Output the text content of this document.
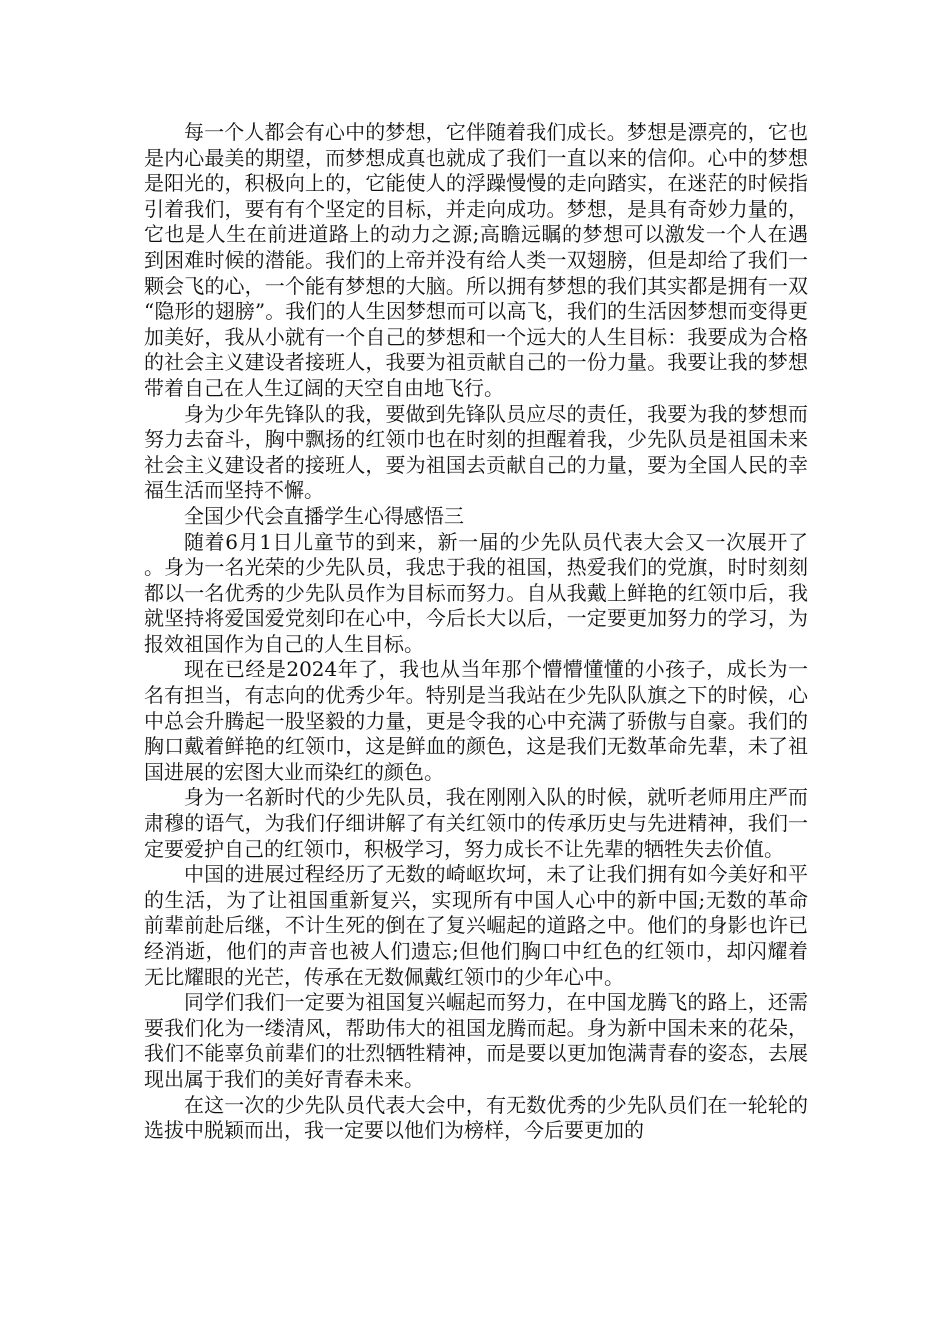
每一个人都会有心中的梦想，它伴随着我们成长。梦想是漂亮的，它也是内心最美的期望，而梦想成真也就成了我们一直以来的信仰。心中的梦想是阳光的，积极向上的，它能使人的浮躁慢慢的走向踏实，在迷茫的时候指引着我们，要有有个坚定的目标，并走向成功。梦想，是具有奇妙力量的，它也是人生在前进道路上的动力之源;高瞻远瞩的梦想可以激发一个人在遇到困难时候的潜能。我们的上帝并没有给人类一双翅膀，但是却给了我们一颗会飞的心，一个能有梦想的大脑。所以拥有梦想的我们其实都是拥有一双“隐形的翅膀”。我们的人生因梦想而可以高飞，我们的生活因梦想而变得更加美好，我从小就有一个自己的梦想和一个远大的人生目标：我要成为合格的社会主义建设者接班人，我要为祖贡献自己的一份力量。我要让我的梦想带着自己在人生辽阔的天空自由地飞行。

身为少年先锋队的我，要做到先锋队员应尽的责任，我要为我的梦想而努力去奋斗，胸中飘扬的红领巾也在时刻的担醒着我，少先队员是祖国未来社会主义建设者的接班人，要为祖国去贡献自己的力量，要为全国人民的幸福生活而坚持不懈。

全国少代会直播学生心得感悟三

随着6月1日儿童节的到来，新一届的少先队员代表大会又一次展开了。身为一名光荣的少先队员，我忠于我的祖国，热爱我们的党旗，时时刻刻都以一名优秀的少先队员作为目标而努力。自从我戴上鲜艳的红领巾后，我就坚持将爱国爱党刻印在心中，今后长大以后，一定要更加努力的学习，为报效祖国作为自己的人生目标。

现在已经是2024年了，我也从当年那个懵懵懂懂的小孩子，成长为一名有担当，有志向的优秀少年。特别是当我站在少先队队旗之下的时候，心中总会升腾起一股坚毅的力量，更是令我的心中充满了骄傲与自豪。我们的胸口戴着鲜艳的红领巾，这是鲜血的颜色，这是我们无数革命先辈，未了祖国进展的宏图大业而染红的颜色。

身为一名新时代的少先队员，我在刚刚入队的时候，就听老师用庄严而肃穆的语气，为我们仔细讲解了有关红领巾的传承历史与先进精神，我们一定要爱护自己的红领巾，积极学习，努力成长不让先辈的牺牲失去价值。

中国的进展过程经历了无数的崎岖坎坷，未了让我们拥有如今美好和平的生活，为了让祖国重新复兴，实现所有中国人心中的新中国;无数的革命前辈前赴后继，不计生死的倒在了复兴崛起的道路之中。他们的身影也许已经消逝，他们的声音也被人们遗忘;但他们胸口中红色的红领巾，却闪耀着无比耀眼的光芒，传承在无数佩戴红领巾的少年心中。

同学们我们一定要为祖国复兴崛起而努力，在中国龙腾飞的路上，还需要我们化为一缕清风，帮助伟大的祖国龙腾而起。身为新中国未来的花朵，我们不能辜负前辈们的壮烈牺牲精神，而是要以更加饱满青春的姿态，去展现出属于我们的美好青春未来。

在这一次的少先队员代表大会中，有无数优秀的少先队员们在一轮轮的选拔中脱颖而出，我一定要以他们为榜样，今后要更加的
